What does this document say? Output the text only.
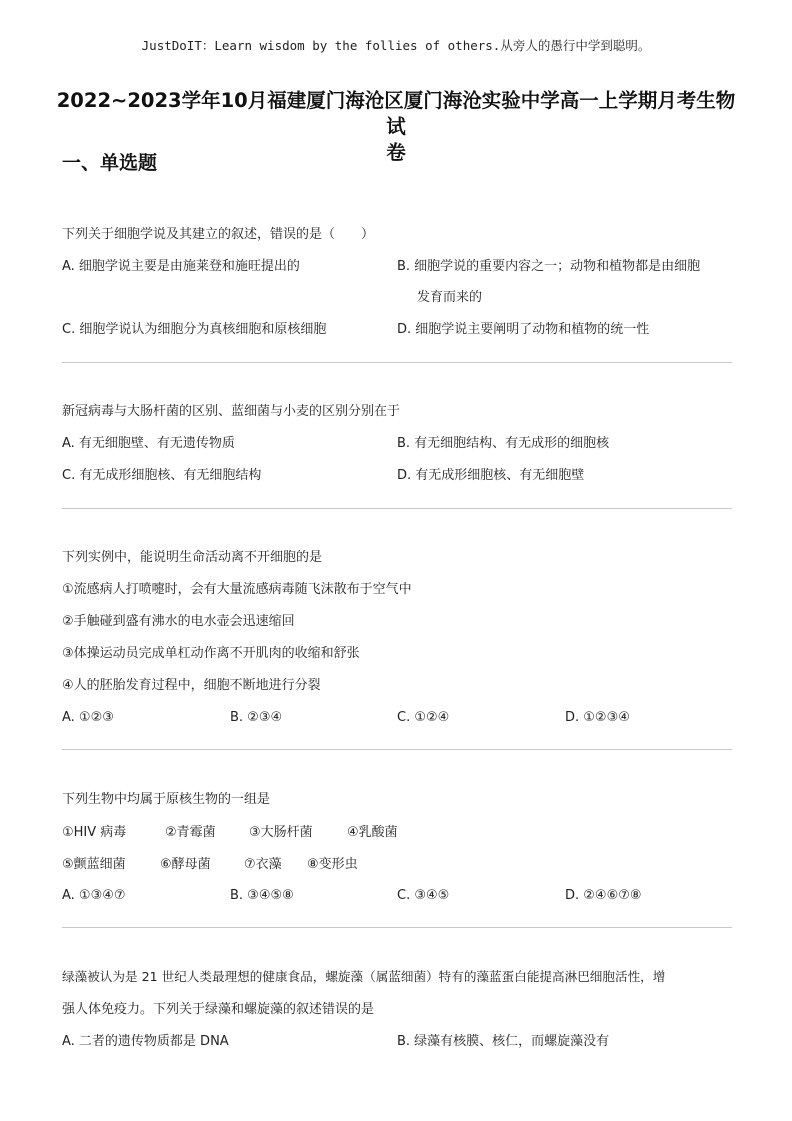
JustDoIT：Learn wisdom by the follies of others.从旁人的愚行中学到聪明。
2022~2023学年10月福建厦门海沧区厦门海沧实验中学高一上学期月考生物试
卷
一、单选题
下列关于细胞学说及其建立的叙述，错误的是（　　）
A. 细胞学说主要是由施莱登和施旺提出的	B. 细胞学说的重要内容之一；动物和植物都是由细胞
发育而来的
C. 细胞学说认为细胞分为真核细胞和原核细胞	D. 细胞学说主要阐明了动物和植物的统一性
新冠病毒与大肠杆菌的区别、蓝细菌与小麦的区别分别在于
A. 有无细胞壁、有无遗传物质	B. 有无细胞结构、有无成形的细胞核
C. 有无成形细胞核、有无细胞结构	D. 有无成形细胞核、有无细胞壁
下列实例中，能说明生命活动离不开细胞的是
①流感病人打喷嚏时，会有大量流感病毒随飞沫散布于空气中
②手触碰到盛有沸水的电水壶会迅速缩回
③体操运动员完成单杠动作离不开肌肉的收缩和舒张
④人的胚胎发育过程中，细胞不断地进行分裂
A. ①②③	B. ②③④	C. ①②④	D. ①②③④
下列生物中均属于原核生物的一组是
①HIV 病毒	②青霉菌	③大肠杆菌	④乳酸菌
⑤颤蓝细菌	⑥酵母菌	⑦衣藻 ⑧变形虫
A. ①③④⑦	B. ③④⑤⑧	C. ③④⑤	D. ②④⑥⑦⑧
绿藻被认为是 21 世纪人类最理想的健康食品，螺旋藻（属蓝细菌）特有的藻蓝蛋白能提高淋巴细胞活性，增
强人体免疫力。下列关于绿藻和螺旋藻的叙述错误的是
A. 二者的遗传物质都是 DNA	B. 绿藻有核膜、核仁，而螺旋藻没有
